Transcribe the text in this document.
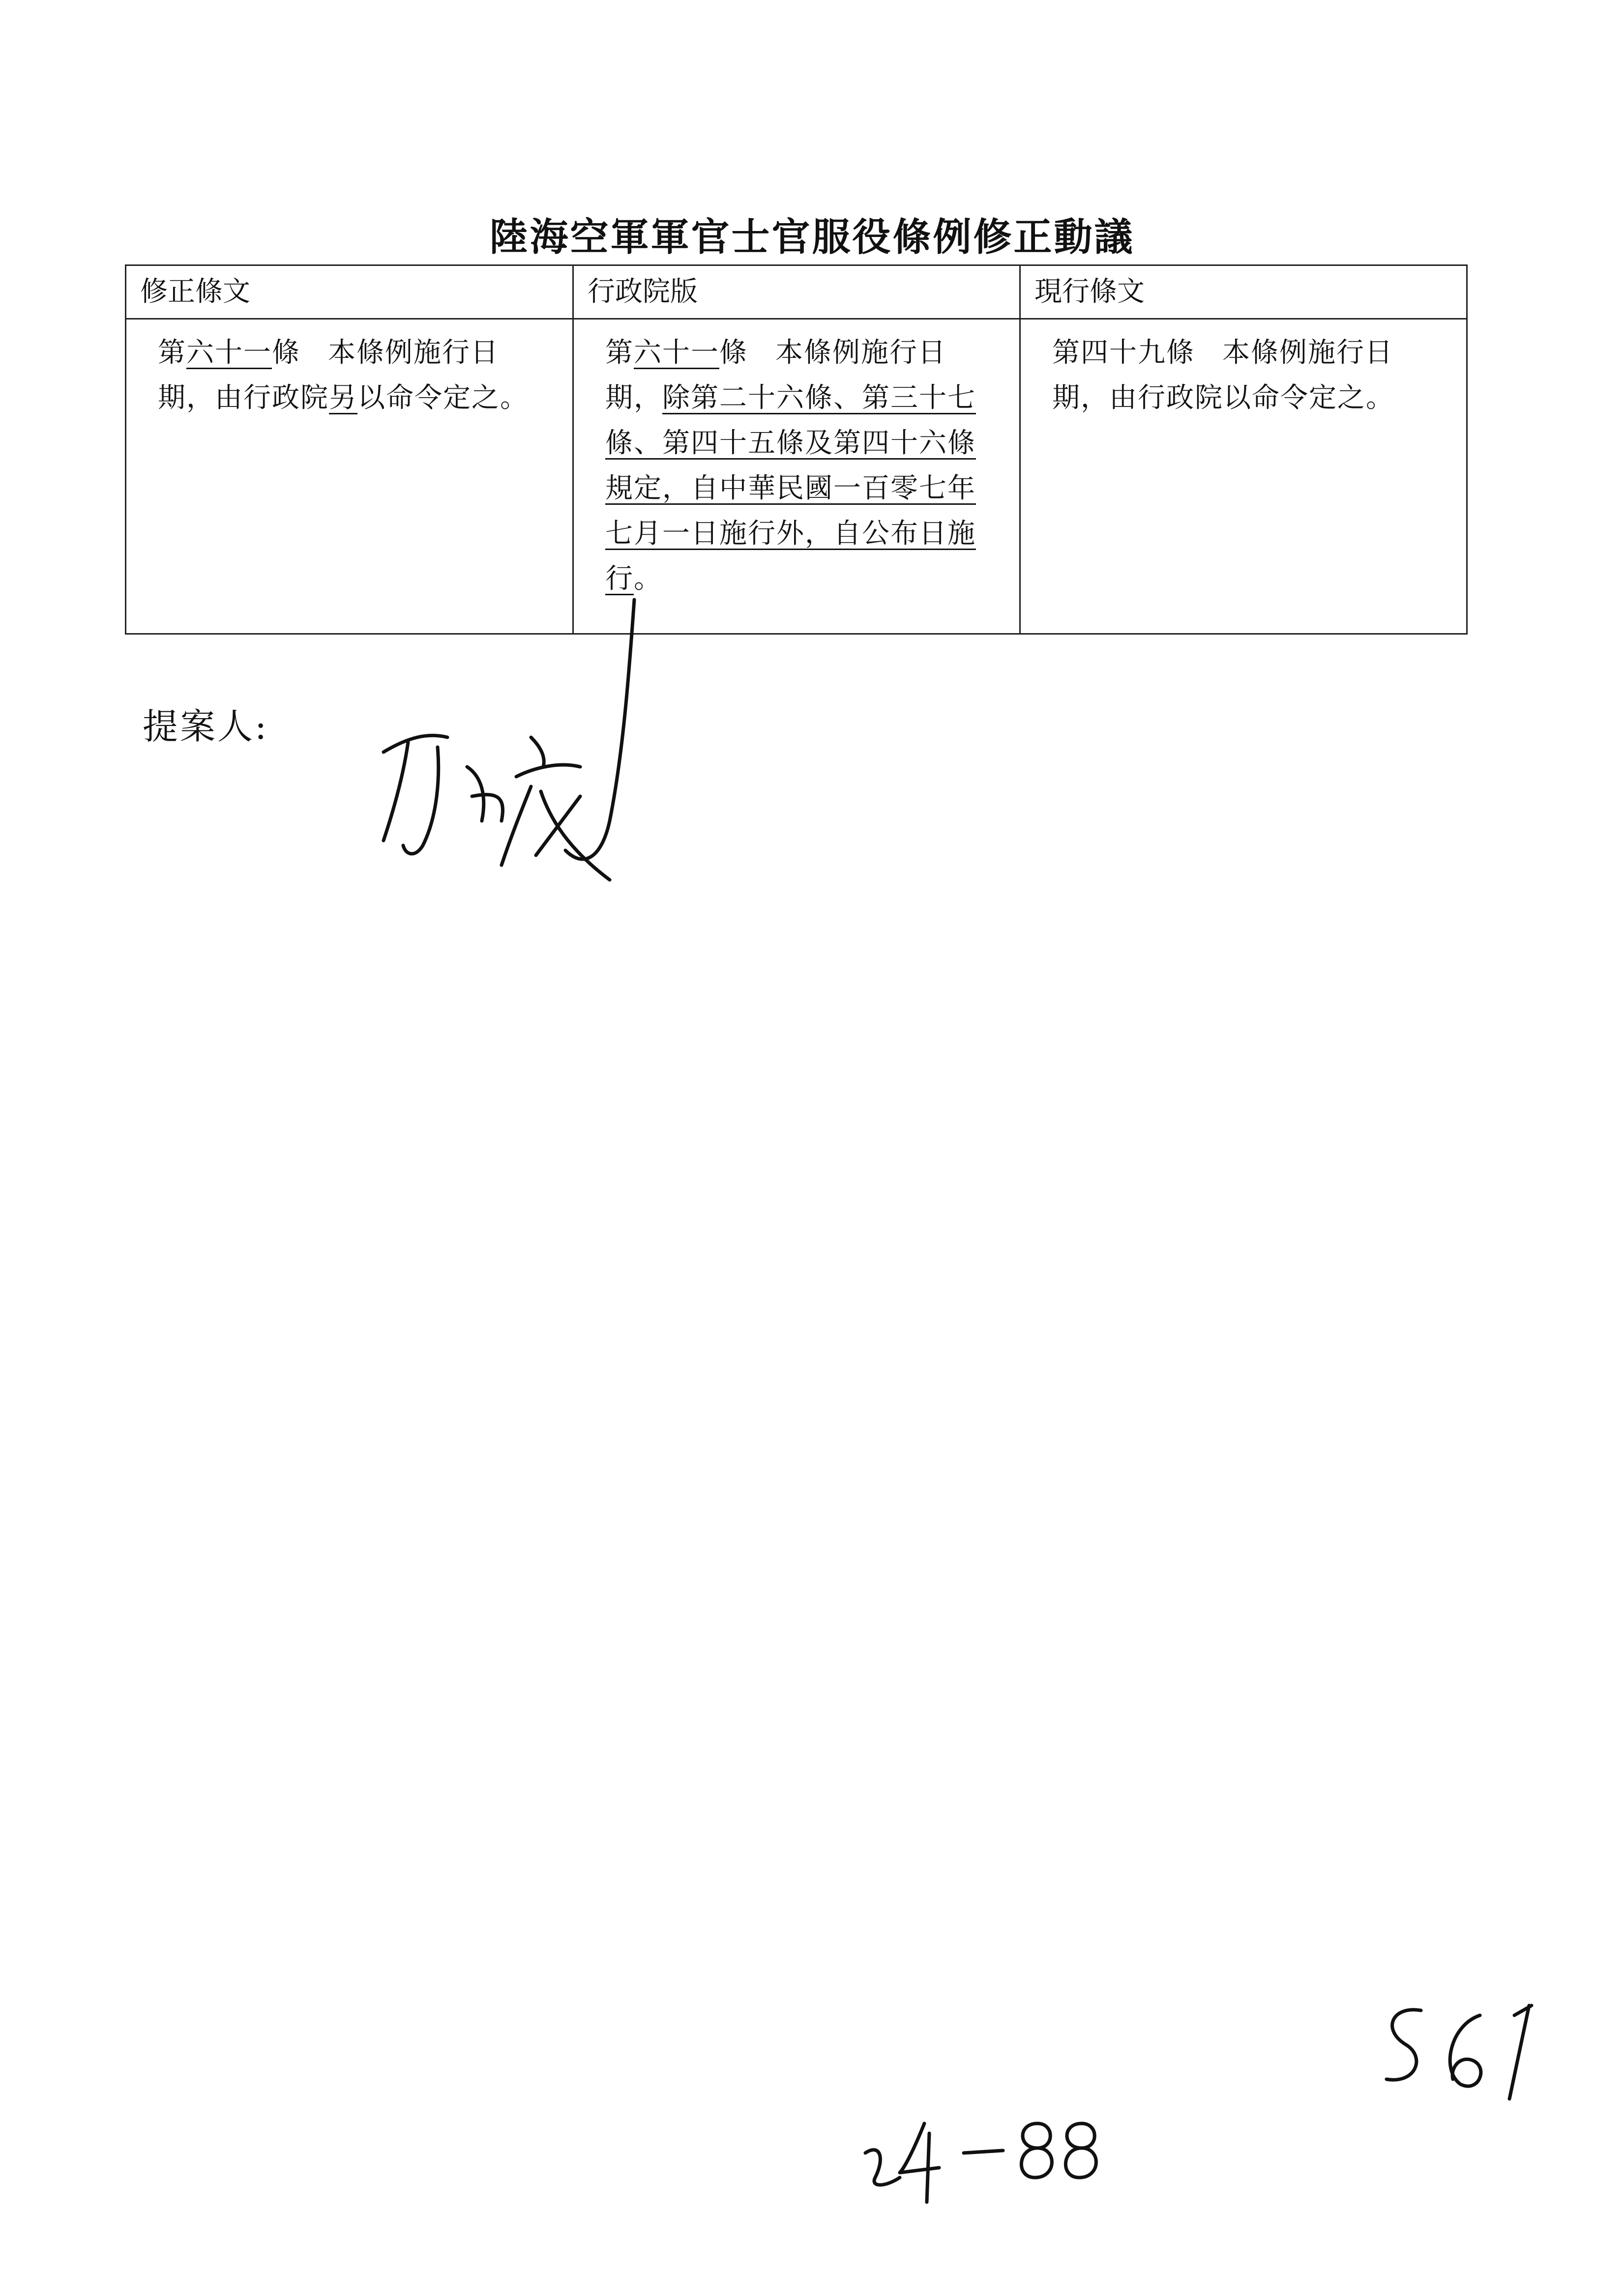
陸海空軍軍官士官服役條例修正動議
修正條文	行政院版	現行條文

第六十一條 本條例施行日期，由行政院另以命令定之。	第六十一條 本條例施行日期，除第二十六條、第三十七條、第四十五條及第四十六條規定，自中華民國一百零七年七月一日施行外，自公布日施行。	第四十九條 本條例施行日期，由行政院以命令定之。
提案人:
